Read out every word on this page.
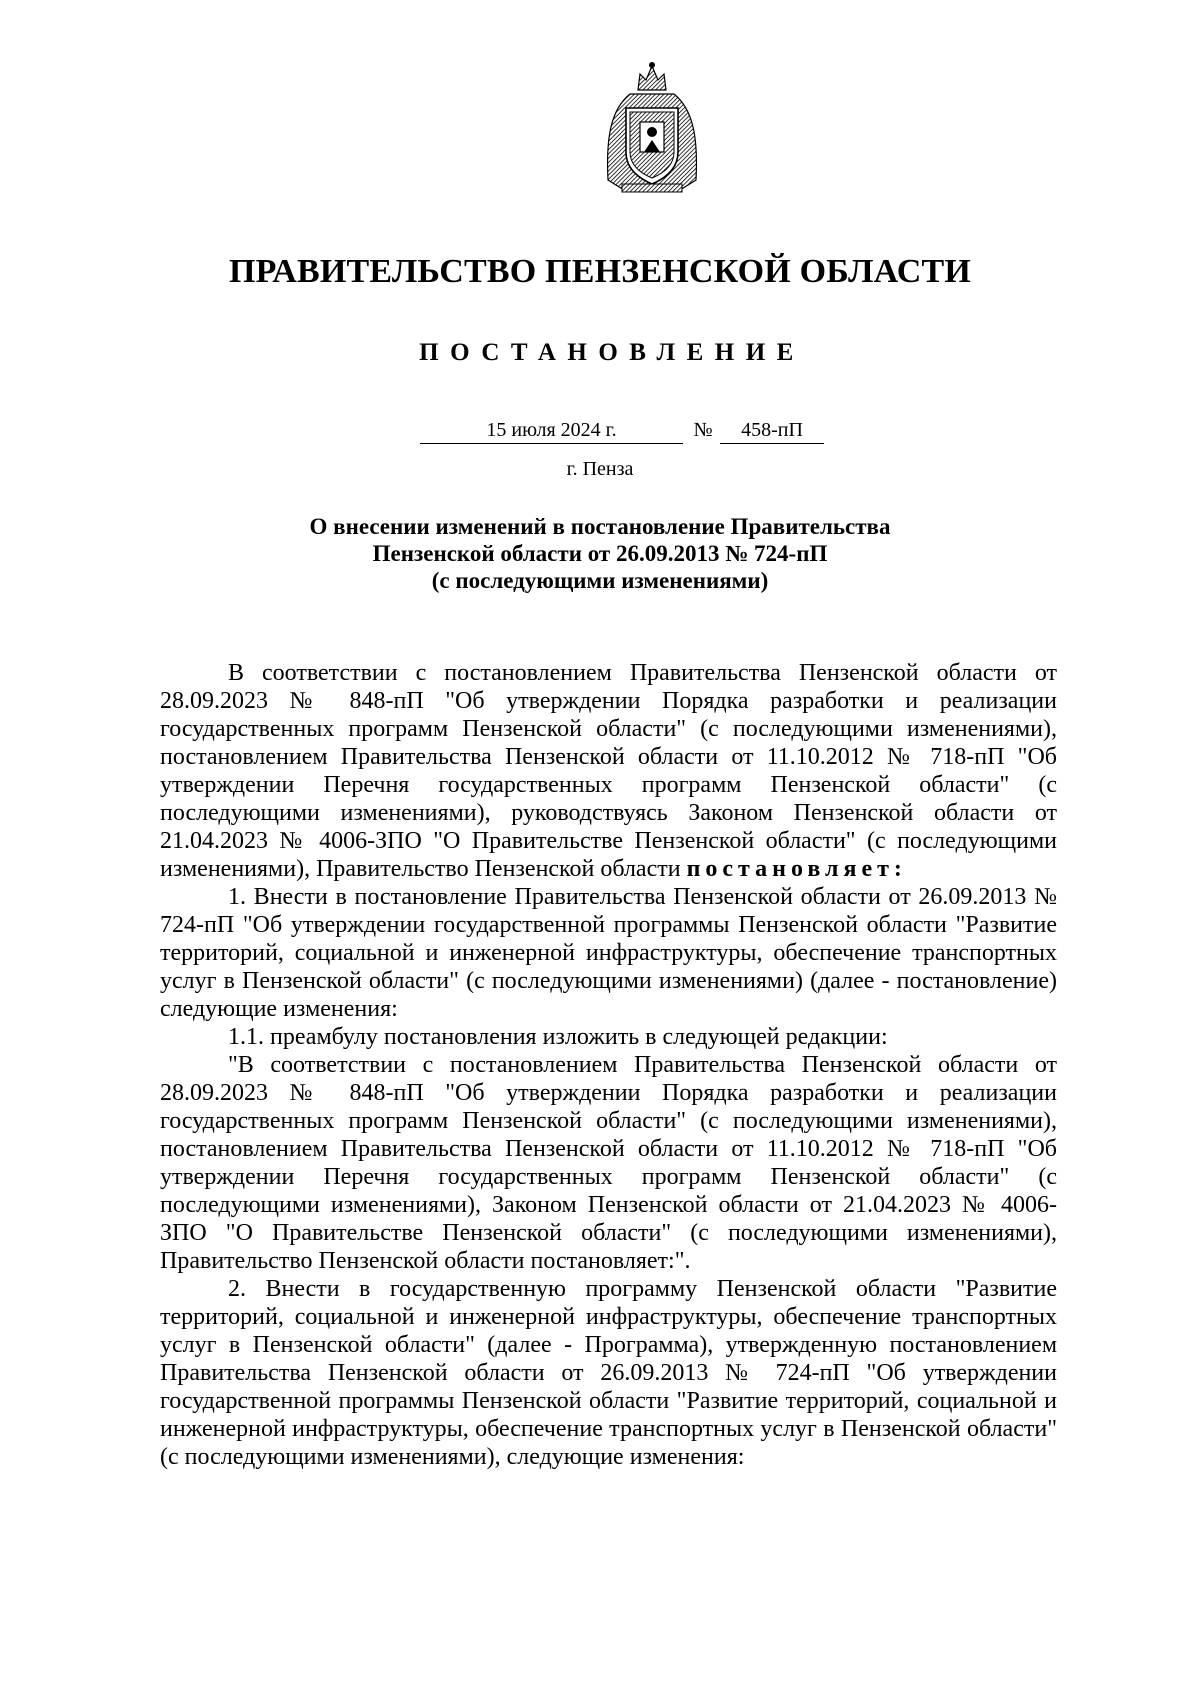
ПРАВИТЕЛЬСТВО ПЕНЗЕНСКОЙ ОБЛАСТИ
ПОСТАНОВЛЕНИЕ
15 июля 2024 г.	№	458-пП
г. Пенза
О внесении изменений в постановление Правительства
Пензенской области от 26.09.2013 № 724-пП
(с последующими изменениями)

В соответствии с постановлением Правительства Пензенской области от 28.09.2023 № 848-пП "Об утверждении Порядка разработки и реализации государственных программ Пензенской области" (с последующими изменениями), постановлением Правительства Пензенской области от 11.10.2012 № 718-пП "Об утверждении Перечня государственных программ Пензенской области" (с последующими изменениями), руководствуясь Законом Пензенской области от 21.04.2023 № 4006-ЗПО "О Правительстве Пензенской области" (с последующими изменениями), Правительство Пензенской области постановляет:

1. Внести в постановление Правительства Пензенской области от 26.09.2013 № 724-пП "Об утверждении государственной программы Пензенской области "Развитие территорий, социальной и инженерной инфраструктуры, обеспечение транспортных услуг в Пензенской области" (с последующими изменениями) (далее - постановление) следующие изменения:

1.1. преамбулу постановления изложить в следующей редакции:

"В соответствии с постановлением Правительства Пензенской области от 28.09.2023 № 848-пП "Об утверждении Порядка разработки и реализации государственных программ Пензенской области" (с последующими изменениями), постановлением Правительства Пензенской области от 11.10.2012 № 718-пП "Об утверждении Перечня государственных программ Пензенской области" (с последующими изменениями), Законом Пензенской области от 21.04.2023 № 4006-ЗПО "О Правительстве Пензенской области" (с последующими изменениями), Правительство Пензенской области постановляет:".

2. Внести в государственную программу Пензенской области "Развитие территорий, социальной и инженерной инфраструктуры, обеспечение транспортных услуг в Пензенской области" (далее - Программа), утвержденную постановлением Правительства Пензенской области от 26.09.2013 № 724-пП "Об утверждении государственной программы Пензенской области "Развитие территорий, социальной и инженерной инфраструктуры, обеспечение транспортных услуг в Пензенской области" (с последующими изменениями), следующие изменения:
